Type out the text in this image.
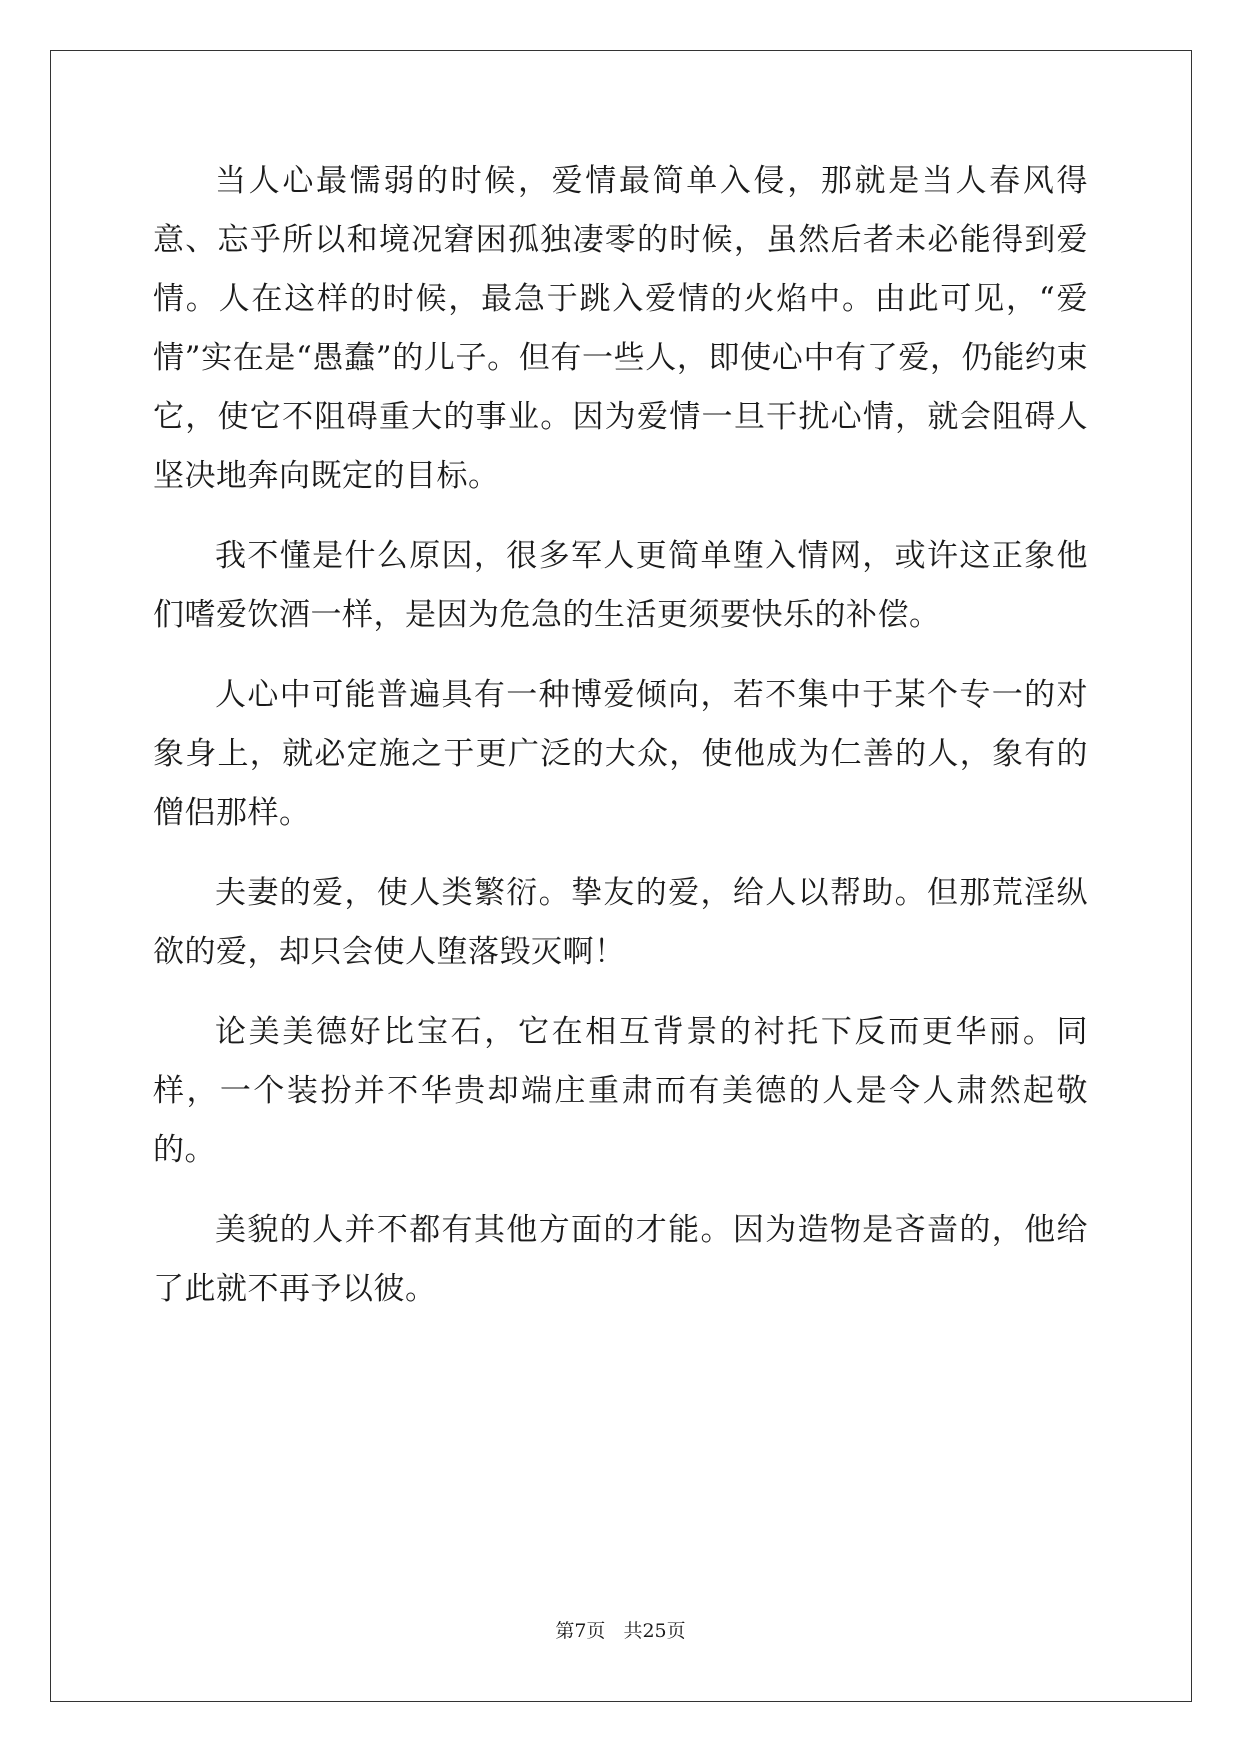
当人心最懦弱的时候，爱情最简单入侵，那就是当人春风得意、忘乎所以和境况窘困孤独凄零的时候，虽然后者未必能得到爱情。人在这样的时候，最急于跳入爱情的火焰中。由此可见，“爱情”实在是“愚蠢”的儿子。但有一些人，即使心中有了爱，仍能约束它，使它不阻碍重大的事业。因为爱情一旦干扰心情，就会阻碍人坚决地奔向既定的目标。

我不懂是什么原因，很多军人更简单堕入情网，或许这正象他们嗜爱饮酒一样，是因为危急的生活更须要快乐的补偿。

人心中可能普遍具有一种博爱倾向，若不集中于某个专一的对象身上，就必定施之于更广泛的大众，使他成为仁善的人，象有的僧侣那样。

夫妻的爱，使人类繁衍。挚友的爱，给人以帮助。但那荒淫纵欲的爱，却只会使人堕落毁灭啊！

论美美德好比宝石，它在相互背景的衬托下反而更华丽。同样，一个装扮并不华贵却端庄重肃而有美德的人是令人肃然起敬的。

美貌的人并不都有其他方面的才能。因为造物是吝啬的，他给了此就不再予以彼。

第7页 共25页
